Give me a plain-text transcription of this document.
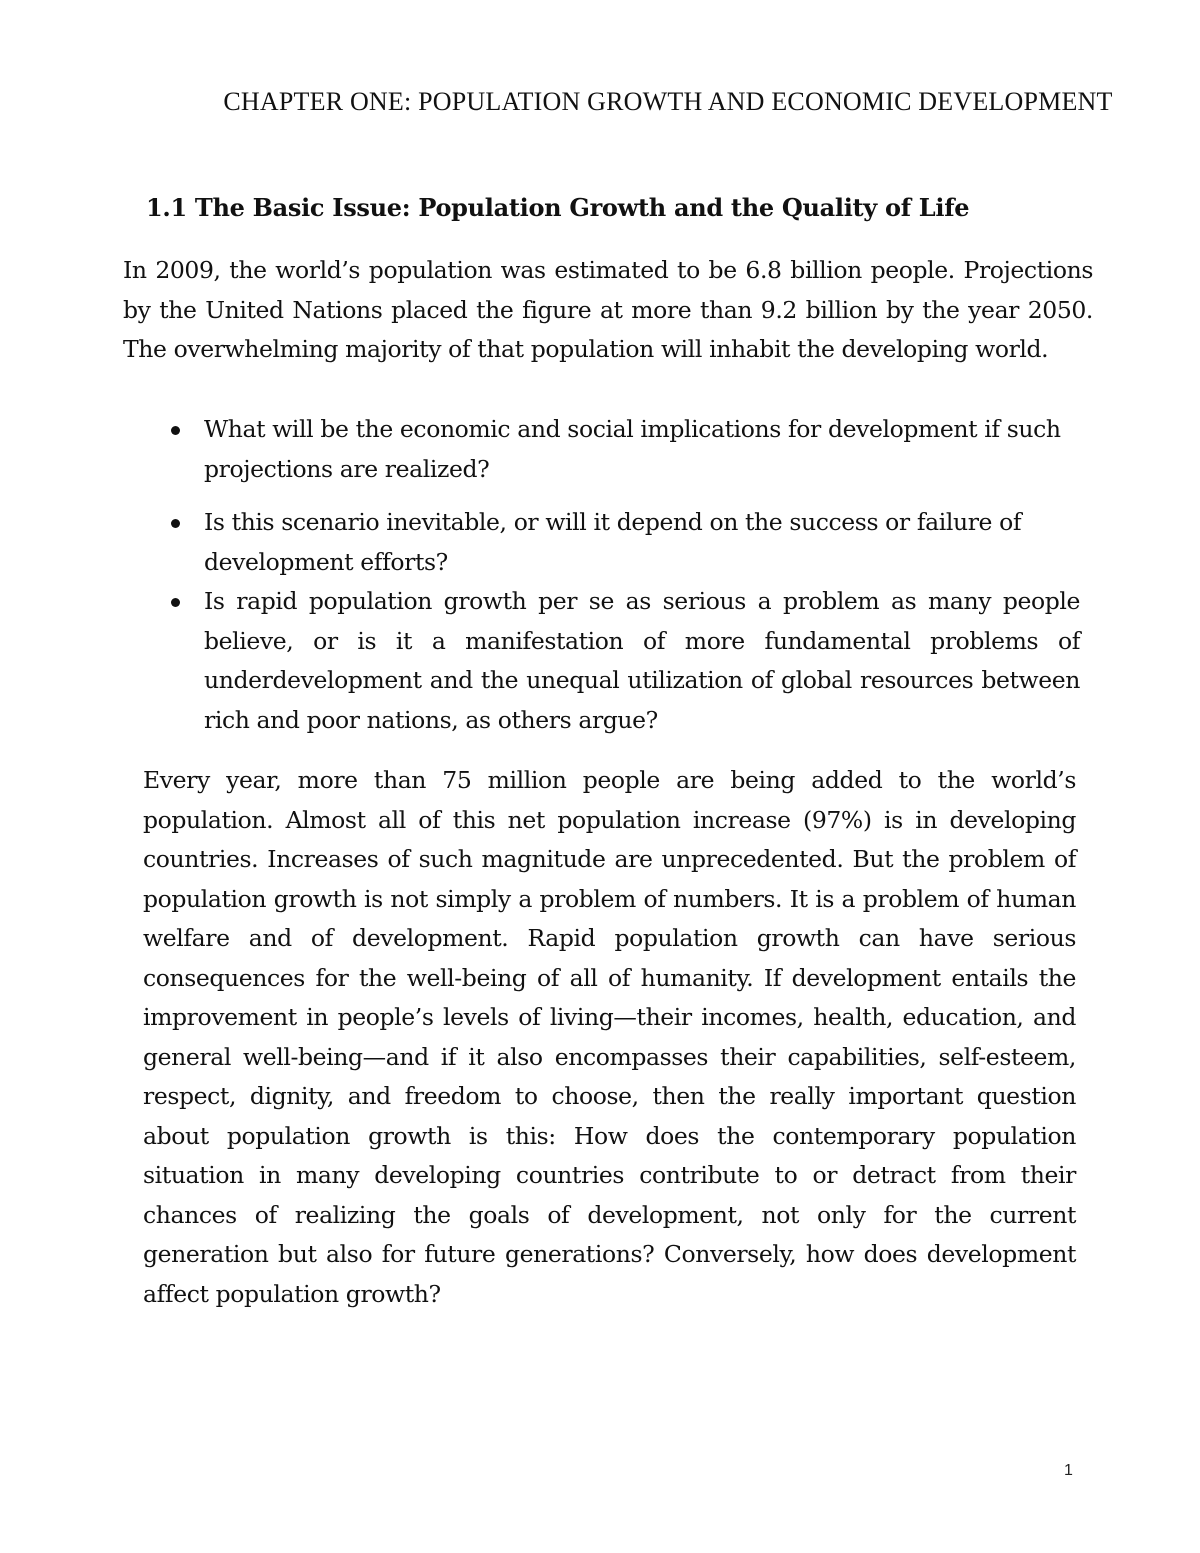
CHAPTER ONE: POPULATION GROWTH AND ECONOMIC DEVELOPMENT
1.1 The Basic Issue: Population Growth and the Quality of Life

In 2009, the world’s population was estimated to be 6.8 billion people. Projections by the United Nations placed the figure at more than 9.2 billion by the year 2050. The overwhelming majority of that population will inhabit the developing world.

What will be the economic and social implications for development if such projections are realized?
Is this scenario inevitable, or will it depend on the success or failure of development efforts?
Is rapid population growth per se as serious a problem as many people believe, or is it a manifestation of more fundamental problems of underdevelopment and the unequal utilization of global resources between rich and poor nations, as others argue?

Every year, more than 75 million people are being added to the world’s population. Almost all of this net population increase (97%) is in developing countries. Increases of such magnitude are unprecedented. But the problem of population growth is not simply a problem of numbers. It is a problem of human welfare and of development. Rapid population growth can have serious consequences for the well-being of all of humanity. If development entails the improvement in people’s levels of living—their incomes, health, education, and general well-being—and if it also encompasses their capabilities, self-esteem, respect, dignity, and freedom to choose, then the really important question about population growth is this: How does the contemporary population situation in many developing countries contribute to or detract from their chances of realizing the goals of development, not only for the current generation but also for future generations? Conversely, how does development affect population growth?

1
